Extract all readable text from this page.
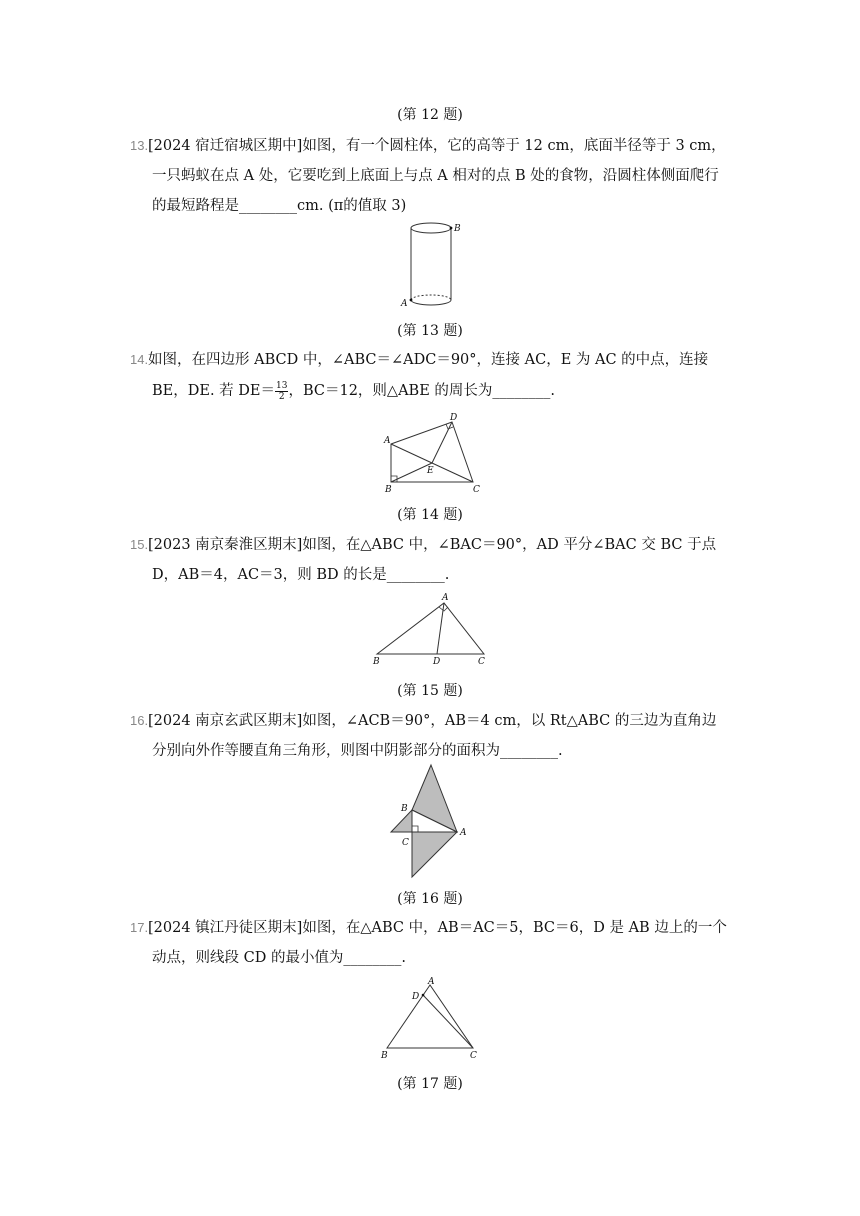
(第 12 题)
13. [2024 宿迁宿城区期中]如图，有一个圆柱体，它的高等于 12 cm，底面半径等于 3 cm，
一只蚂蚁在点 A 处，它要吃到上底面上与点 A 相对的点 B 处的食物，沿圆柱体侧面爬行
的最短路程是________cm. (π的值取 3)
B
A
(第 13 题)
14. 如图，在四边形 ABCD 中，∠ABC＝∠ADC＝90°，连接 AC，E 为 AC 的中点，连接
BE，DE. 若 $DE= \frac{13}{2}$ ，BC＝12，则△ABE 的周长为________.
A
D
E
B	C
(第 14 题)
15. [2023 南京秦淮区期末]如图，在△ABC 中，∠BAC＝90°，AD 平分∠BAC 交 BC 于点
D，AB＝4，AC＝3，则 BD 的长是________.
A
B	D	C
(第 15 题)
16. [2024 南京玄武区期末]如图，∠ACB＝90°，AB＝4 cm，以 Rt△ABC 的三边为直角边
分别向外作等腰直角三角形，则图中阴影部分的面积为________.
B
C
A
(第 16 题)
17. [2024 镇江丹徒区期末]如图，在△ABC 中，AB＝AC＝5，BC＝6，D 是 AB 边上的一个
动点，则线段 CD 的最小值为________.
A
D
B	C
(第 17 题)
